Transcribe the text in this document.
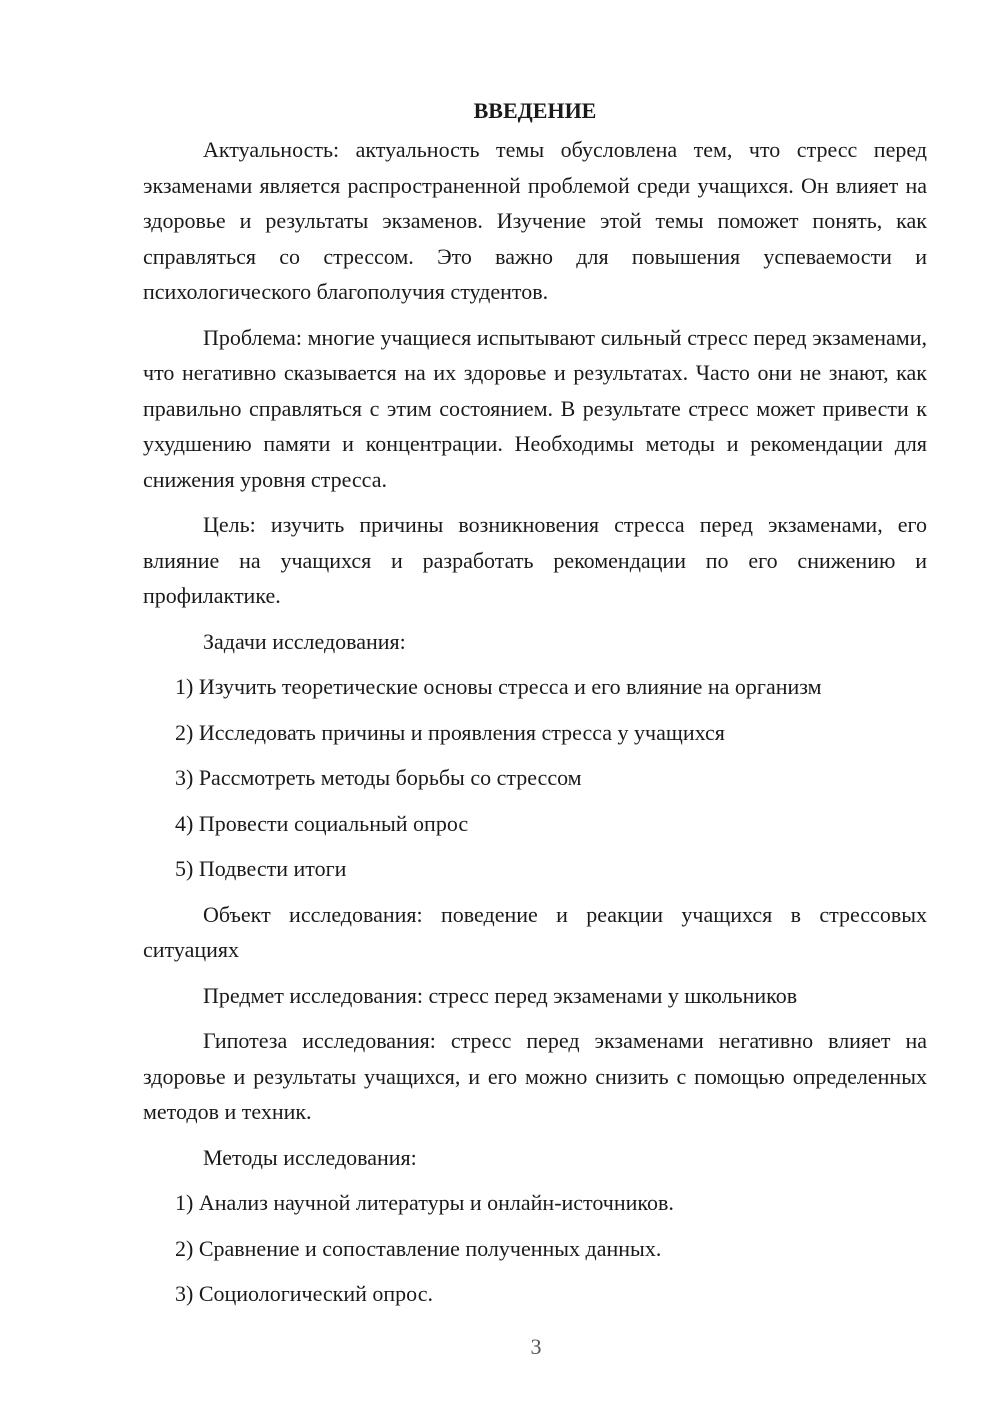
ВВЕДЕНИЕ

Актуальность: актуальность темы обусловлена тем, что стресс перед экзаменами является распространенной проблемой среди учащихся. Он влияет на здоровье и результаты экзаменов. Изучение этой темы поможет понять, как справляться со стрессом. Это важно для повышения успеваемости и психологического благополучия студентов.

Проблема: многие учащиеся испытывают сильный стресс перед экзаменами, что негативно сказывается на их здоровье и результатах. Часто они не знают, как правильно справляться с этим состоянием. В результате стресс может привести к ухудшению памяти и концентрации. Необходимы методы и рекомендации для снижения уровня стресса.

Цель: изучить причины возникновения стресса перед экзаменами, его влияние на учащихся и разработать рекомендации по его снижению и профилактике.

Задачи исследования:

1) Изучить теоретические основы стресса и его влияние на организм
2) Исследовать причины и проявления стресса у учащихся
3) Рассмотреть методы борьбы со стрессом
4) Провести социальный опрос
5) Подвести итоги

Объект исследования: поведение и реакции учащихся в стрессовых ситуациях

Предмет исследования: стресс перед экзаменами у школьников

Гипотеза исследования: стресс перед экзаменами негативно влияет на здоровье и результаты учащихся, и его можно снизить с помощью определенных методов и техник.

Методы исследования:

1) Анализ научной литературы и онлайн-источников.
2) Сравнение и сопоставление полученных данных.
3) Социологический опрос.
3
